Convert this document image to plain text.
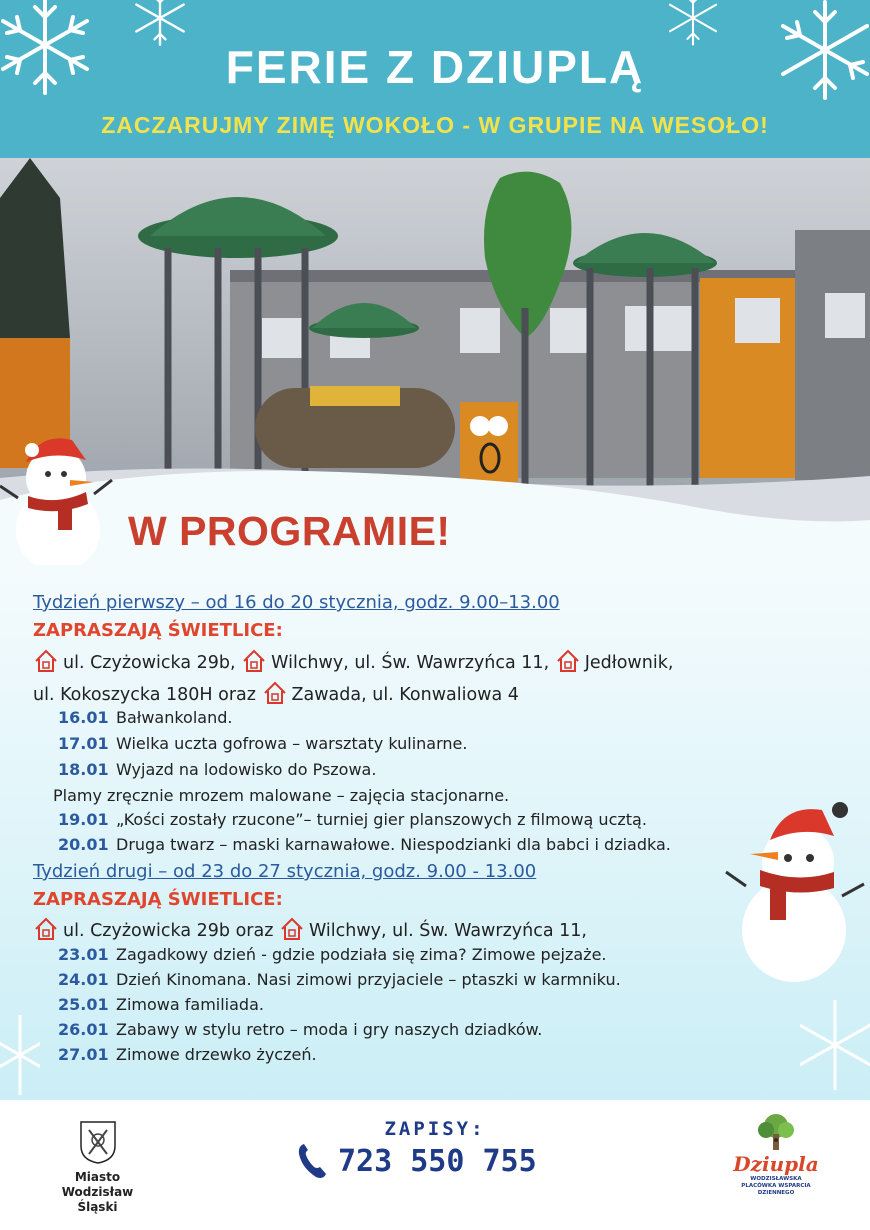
FERIE Z DZIUPLĄ
ZACZARUJMY ZIMĘ WOKOŁO - W GRUPIE NA WESOŁO!
W PROGRAMIE!
Tydzień pierwszy – od 16 do 20 stycznia, godz. 9.00–13.00
ZAPRASZAJĄ ŚWIETLICE:
ul. Czyżowicka 29b, Wilchwy, ul. Św. Wawrzyńca 11, Jedłownik,
ul. Kokoszycka 180H oraz Zawada, ul. Konwaliowa 4
16.01 Bałwankoland.
17.01 Wielka uczta gofrowa – warsztaty kulinarne.
18.01 Wyjazd na lodowisko do Pszowa.
Plamy zręcznie mrozem malowane – zajęcia stacjonarne.
19.01 „Kości zostały rzucone”– turniej gier planszowych z filmową ucztą.
20.01 Druga twarz – maski karnawałowe. Niespodzianki dla babci i dziadka.
Tydzień drugi – od 23 do 27 stycznia, godz. 9.00 - 13.00
ZAPRASZAJĄ ŚWIETLICE:
ul. Czyżowicka 29b oraz Wilchwy, ul. Św. Wawrzyńca 11,
23.01 Zagadkowy dzień - gdzie podziała się zima? Zimowe pejzaże.
24.01 Dzień Kinomana. Nasi zimowi przyjaciele – ptaszki w karmniku.
25.01 Zimowa familiada.
26.01 Zabawy w stylu retro – moda i gry naszych dziadków.
27.01 Zimowe drzewko życzeń.
Miasto
Wodzisław Śląski
ZAPISY:
723 550 755	Dziupla
WODZISŁAWSKA
PLACÓWKA WSPARCIA DZIENNEGO
